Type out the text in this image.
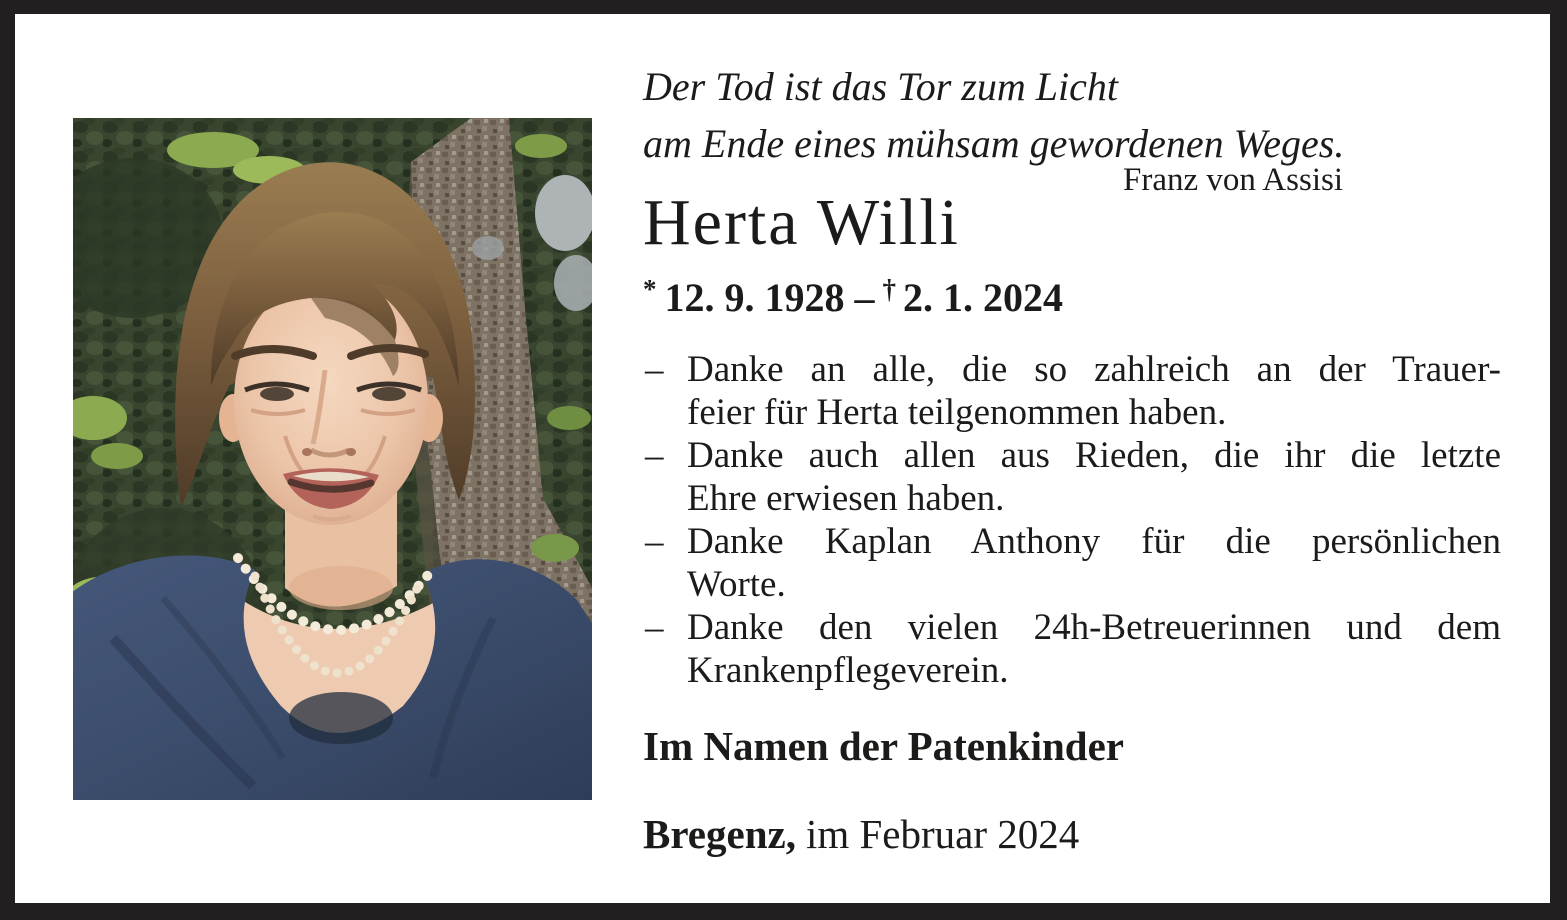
Der Tod ist das Tor zum Licht
am Ende eines mühsam gewordenen Weges.
Franz von Assisi
Herta Willi
* 12. 9. 1928 – † 2. 1. 2024
– Danke an alle, die so zahlreich an der Trauer-
feier für Herta teilgenommen haben.
– Danke auch allen aus Rieden, die ihr die letzte
Ehre erwiesen haben.
– Danke Kaplan Anthony für die persönlichen
Worte.
– Danke den vielen 24h-Betreuerinnen und dem
Krankenpflegeverein.
Im Namen der Patenkinder
Bregenz, im Februar 2024
